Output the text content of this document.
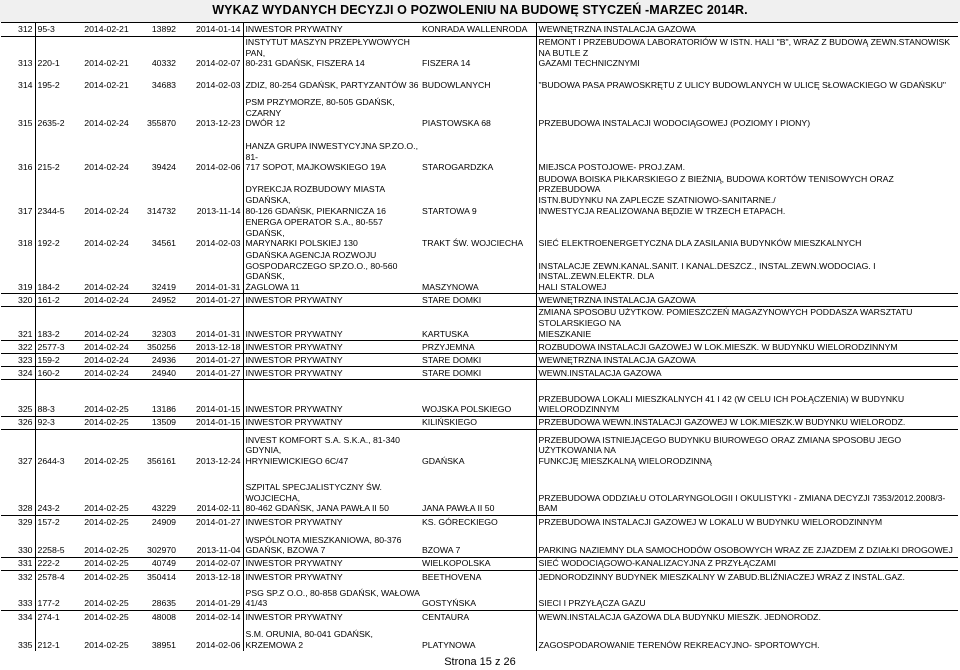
WYKAZ WYDANYCH DECYZJI O POZWOLENIU NA BUDOWĘ STYCZEŃ -MARZEC 2014R.
312	95-3	2014-02-21	13892	2014-01-14	INWESTOR PRYWATNY	KONRADA WALLENRODA	WEWNĘTRZNA INSTALACJA GAZOWA
313	220-1	2014-02-21	40332	2014-02-07	INSTYTUT MASZYN PRZEPŁYWOWYCH PAN,
80-231 GDAŃSK, FISZERA 14	FISZERA 14	REMONT I PRZEBUDOWA LABORATORIÓW W ISTN. HALI "B", WRAZ Z BUDOWĄ ZEWN.STANOWISK NA BUTLE Z
GAZAMI TECHNICZNYMI

314	195-2	2014-02-21	34683	2014-02-03	ZDIZ, 80-254 GDAŃSK, PARTYZANTÓW 36	BUDOWLANYCH	"BUDOWA PASA PRAWOSKRĘTU Z ULICY BUDOWLANYCH W ULICĘ SŁOWACKIEGO W GDAŃSKU"
315	2635-2	2014-02-24	355870	2013-12-23	PSM PRZYMORZE, 80-505 GDAŃSK, CZARNY
DWÓR 12	PIASTOWSKA 68	PRZEBUDOWA INSTALACJI WODOCIĄGOWEJ (POZIOMY I PIONY)
316	215-2	2014-02-24	39424	2014-02-06	HANZA GRUPA INWESTYCYJNA SP.ZO.O., 81-
717 SOPOT, MAJKOWSKIEGO 19A	STAROGARDZKA	MIEJSCA POSTOJOWE- PROJ.ZAM.
317	2344-5	2014-02-24	314732	2013-11-14	DYREKCJA ROZBUDOWY MIASTA GDAŃSKA,
80-126 GDAŃSK, PIEKARNICZA 16	STARTOWA 9	BUDOWA BOISKA PIŁKARSKIEGO Z BIEŻNIĄ, BUDOWA KORTÓW TENISOWYCH ORAZ PRZEBUDOWA
ISTN.BUDYNKU NA ZAPLECZE SZATNIOWO-SANITARNE./
INWESTYCJA REALIZOWANA BĘDZIE W TRZECH ETAPACH.
318	192-2	2014-02-24	34561	2014-02-03	ENERGA OPERATOR S.A., 80-557 GDAŃSK,
MARYNARKI POLSKIEJ 130	TRAKT ŚW. WOJCIECHA	SIEĆ ELEKTROENERGETYCZNA DLA ZASILANIA BUDYNKÓW MIESZKALNYCH
319	184-2	2014-02-24	32419	2014-01-31	GDAŃSKA AGENCJA ROZWOJU
GOSPODARCZEGO SP.ZO.O., 80-560 GDAŃSK,
ŻAGLOWA 11	MASZYNOWA	INSTALACJE ZEWN.KANAL.SANIT. I KANAL.DESZCZ., INSTAL.ZEWN.WODOCIAG. I INSTAL.ZEWN.ELEKTR. DLA
HALI STALOWEJ
320	161-2	2014-02-24	24952	2014-01-27	INWESTOR PRYWATNY	STARE DOMKI	WEWNĘTRZNA INSTALACJA GAZOWA
321	183-2	2014-02-24	32303	2014-01-31	INWESTOR PRYWATNY	KARTUSKA	ZMIANA SPOSOBU UŻYTKOW. POMIESZCZEŃ MAGAZYNOWYCH PODDASZA WARSZTATU STOLARSKIEGO NA
MIESZKANIE
322	2577-3	2014-02-24	350256	2013-12-18	INWESTOR PRYWATNY	PRZYJEMNA	ROZBUDOWA INSTALACJI GAZOWEJ W LOK.MIESZK. W BUDYNKU WIELORODZINNYM
323	159-2	2014-02-24	24936	2014-01-27	INWESTOR PRYWATNY	STARE DOMKI	WEWNĘTRZNA INSTALACJA GAZOWA
324	160-2	2014-02-24	24940	2014-01-27	INWESTOR PRYWATNY	STARE DOMKI	WEWN.INSTALACJA GAZOWA

325	88-3	2014-02-25	13186	2014-01-15	INWESTOR PRYWATNY	WOJSKA POLSKIEGO	PRZEBUDOWA LOKALI MIESZKALNYCH 41 I 42 (W CELU ICH POŁĄCZENIA) W BUDYNKU WIELORODZINNYM
326	92-3	2014-02-25	13509	2014-01-15	INWESTOR PRYWATNY	KILIŃSKIEGO	PRZEBUDOWA WEWN.INSTALACJI GAZOWEJ W LOK.MIESZK.W BUDYNKU WIELORODZ.
327	2644-3	2014-02-25	356161	2013-12-24	INVEST KOMFORT S.A. S.K.A., 81-340 GDYNIA,
HRYNIEWICKIEGO 6C/47	GDAŃSKA	PRZEBUDOWA ISTNIEJĄCEGO BUDYNKU BIUROWEGO ORAZ ZMIANA SPOSOBU JEGO UŻYTKOWANIA NA
FUNKCJĘ MIESZKALNĄ WIELORODZINNĄ
328	243-2	2014-02-25	43229	2014-02-11	SZPITAL SPECJALISTYCZNY ŚW. WOJCIECHA,
80-462 GDAŃSK, JANA PAWŁA II 50	JANA PAWŁA II 50	PRZEBUDOWA ODDZIAŁU OTOLARYNGOLOGII I OKULISTYKI - ZMIANA DECYZJI 7353/2012.2008/3-BAM
329	157-2	2014-02-25	24909	2014-01-27	INWESTOR PRYWATNY	KS. GÓRECKIEGO	PRZEBUDOWA INSTALACJI GAZOWEJ W LOKALU W BUDYNKU WIELORODZINNYM
330	2258-5	2014-02-25	302970	2013-11-04	WSPÓLNOTA MIESZKANIOWA, 80-376
GDAŃSK, BZOWA 7	BZOWA 7	PARKING NAZIEMNY DLA SAMOCHODÓW OSOBOWYCH WRAZ ZE ZJAZDEM Z DZIAŁKI DROGOWEJ
331	222-2	2014-02-25	40749	2014-02-07	INWESTOR PRYWATNY	WIELKOPOLSKA	SIEĆ WODOCIĄGOWO-KANALIZACYJNA Z PRZYŁĄCZAMI
332	2578-4	2014-02-25	350414	2013-12-18	INWESTOR PRYWATNY	BEETHOVENA	JEDNORODZINNY BUDYNEK MIESZKALNY W ZABUD.BLIŹNIACZEJ WRAZ Z INSTAL.GAZ.
333	177-2	2014-02-25	28635	2014-01-29	PSG SP.Z O.O., 80-858 GDAŃSK, WAŁOWA
41/43	GOSTYŃSKA	SIECI I PRZYŁĄCZA GAZU
334	274-1	2014-02-25	48008	2014-02-14	INWESTOR PRYWATNY	CENTAURA	WEWN.INSTALACJA GAZOWA DLA BUDYNKU MIESZK. JEDNORODZ.
335	212-1	2014-02-25	38951	2014-02-06	S.M. ORUNIA, 80-041 GDAŃSK, KRZEMOWA 2	PLATYNOWA	ZAGOSPODAROWANIE TERENÓW REKREACYJNO- SPORTOWYCH.
Strona 15 z 26
